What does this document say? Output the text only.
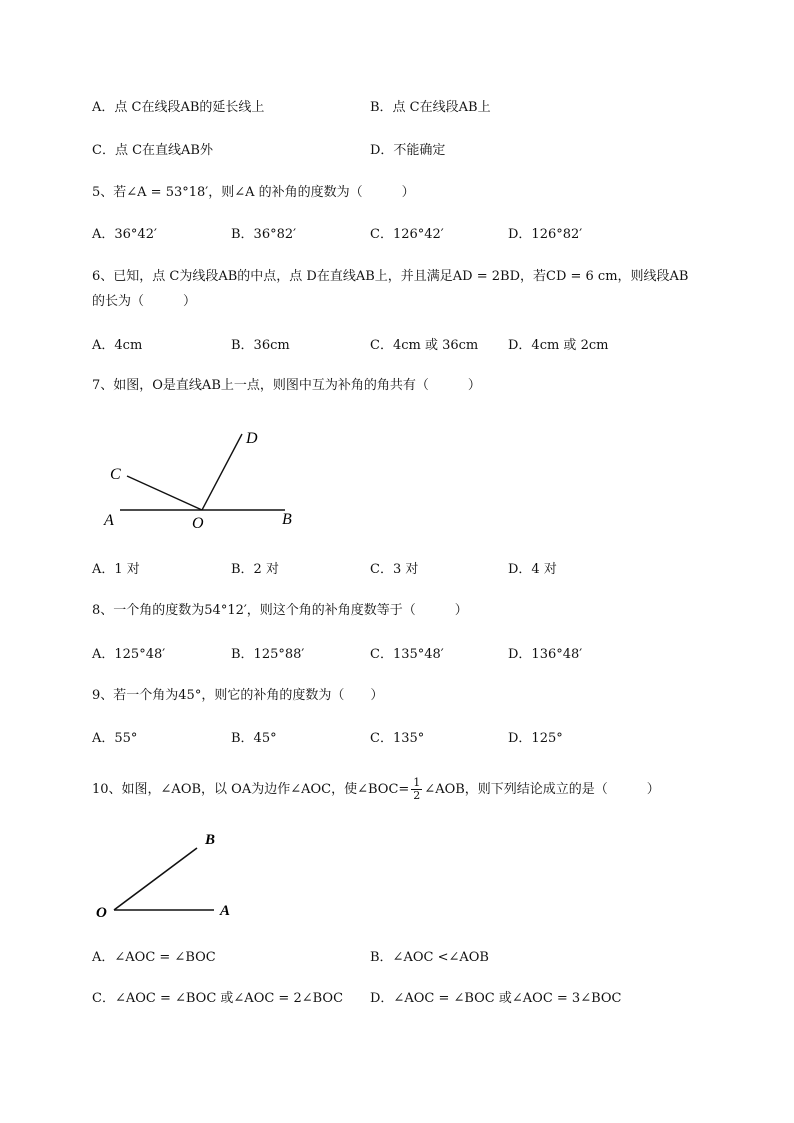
A．点 C在线段AB的延长线上	B．点 C在线段AB上
C．点 C在直线AB外	D．不能确定
5、若∠A = 53°18′，则∠A 的补角的度数为（　　　）
A．36°42′	B．36°82′	C．126°42′	D．126°82′
6、已知，点 C为线段AB的中点，点 D在直线AB上，并且满足AD = 2BD，若CD = 6 cm，则线段AB
的长为（　　　）
A．4cm	B．36cm	C．4cm 或 36cm D．4cm 或 2cm
7、如图，O是直线AB上一点，则图中互为补角的角共有（　　　）
A	O	B
C
D
A．1 对	B．2 对	C．3 对	D．4 对
8、一个角的度数为54°12′，则这个角的补角度数等于（　　　）
A．125°48′	B．125°88′	C．135°48′	D．136°48′
9、若一个角为45°，则它的补角的度数为（　　）
A．55°	B．45°	C．135°	D．125°
10、如图，∠AOB，以 OA为边作∠AOC，使∠BOC= $\frac{1}{2}$ ∠AOB，则下列结论成立的是（　　　）
O	A
B
A．∠AOC = ∠BOC	B．∠AOC <∠AOB
C．∠AOC = ∠BOC 或∠AOC = 2∠BOC D．∠AOC = ∠BOC 或∠AOC = 3∠BOC
